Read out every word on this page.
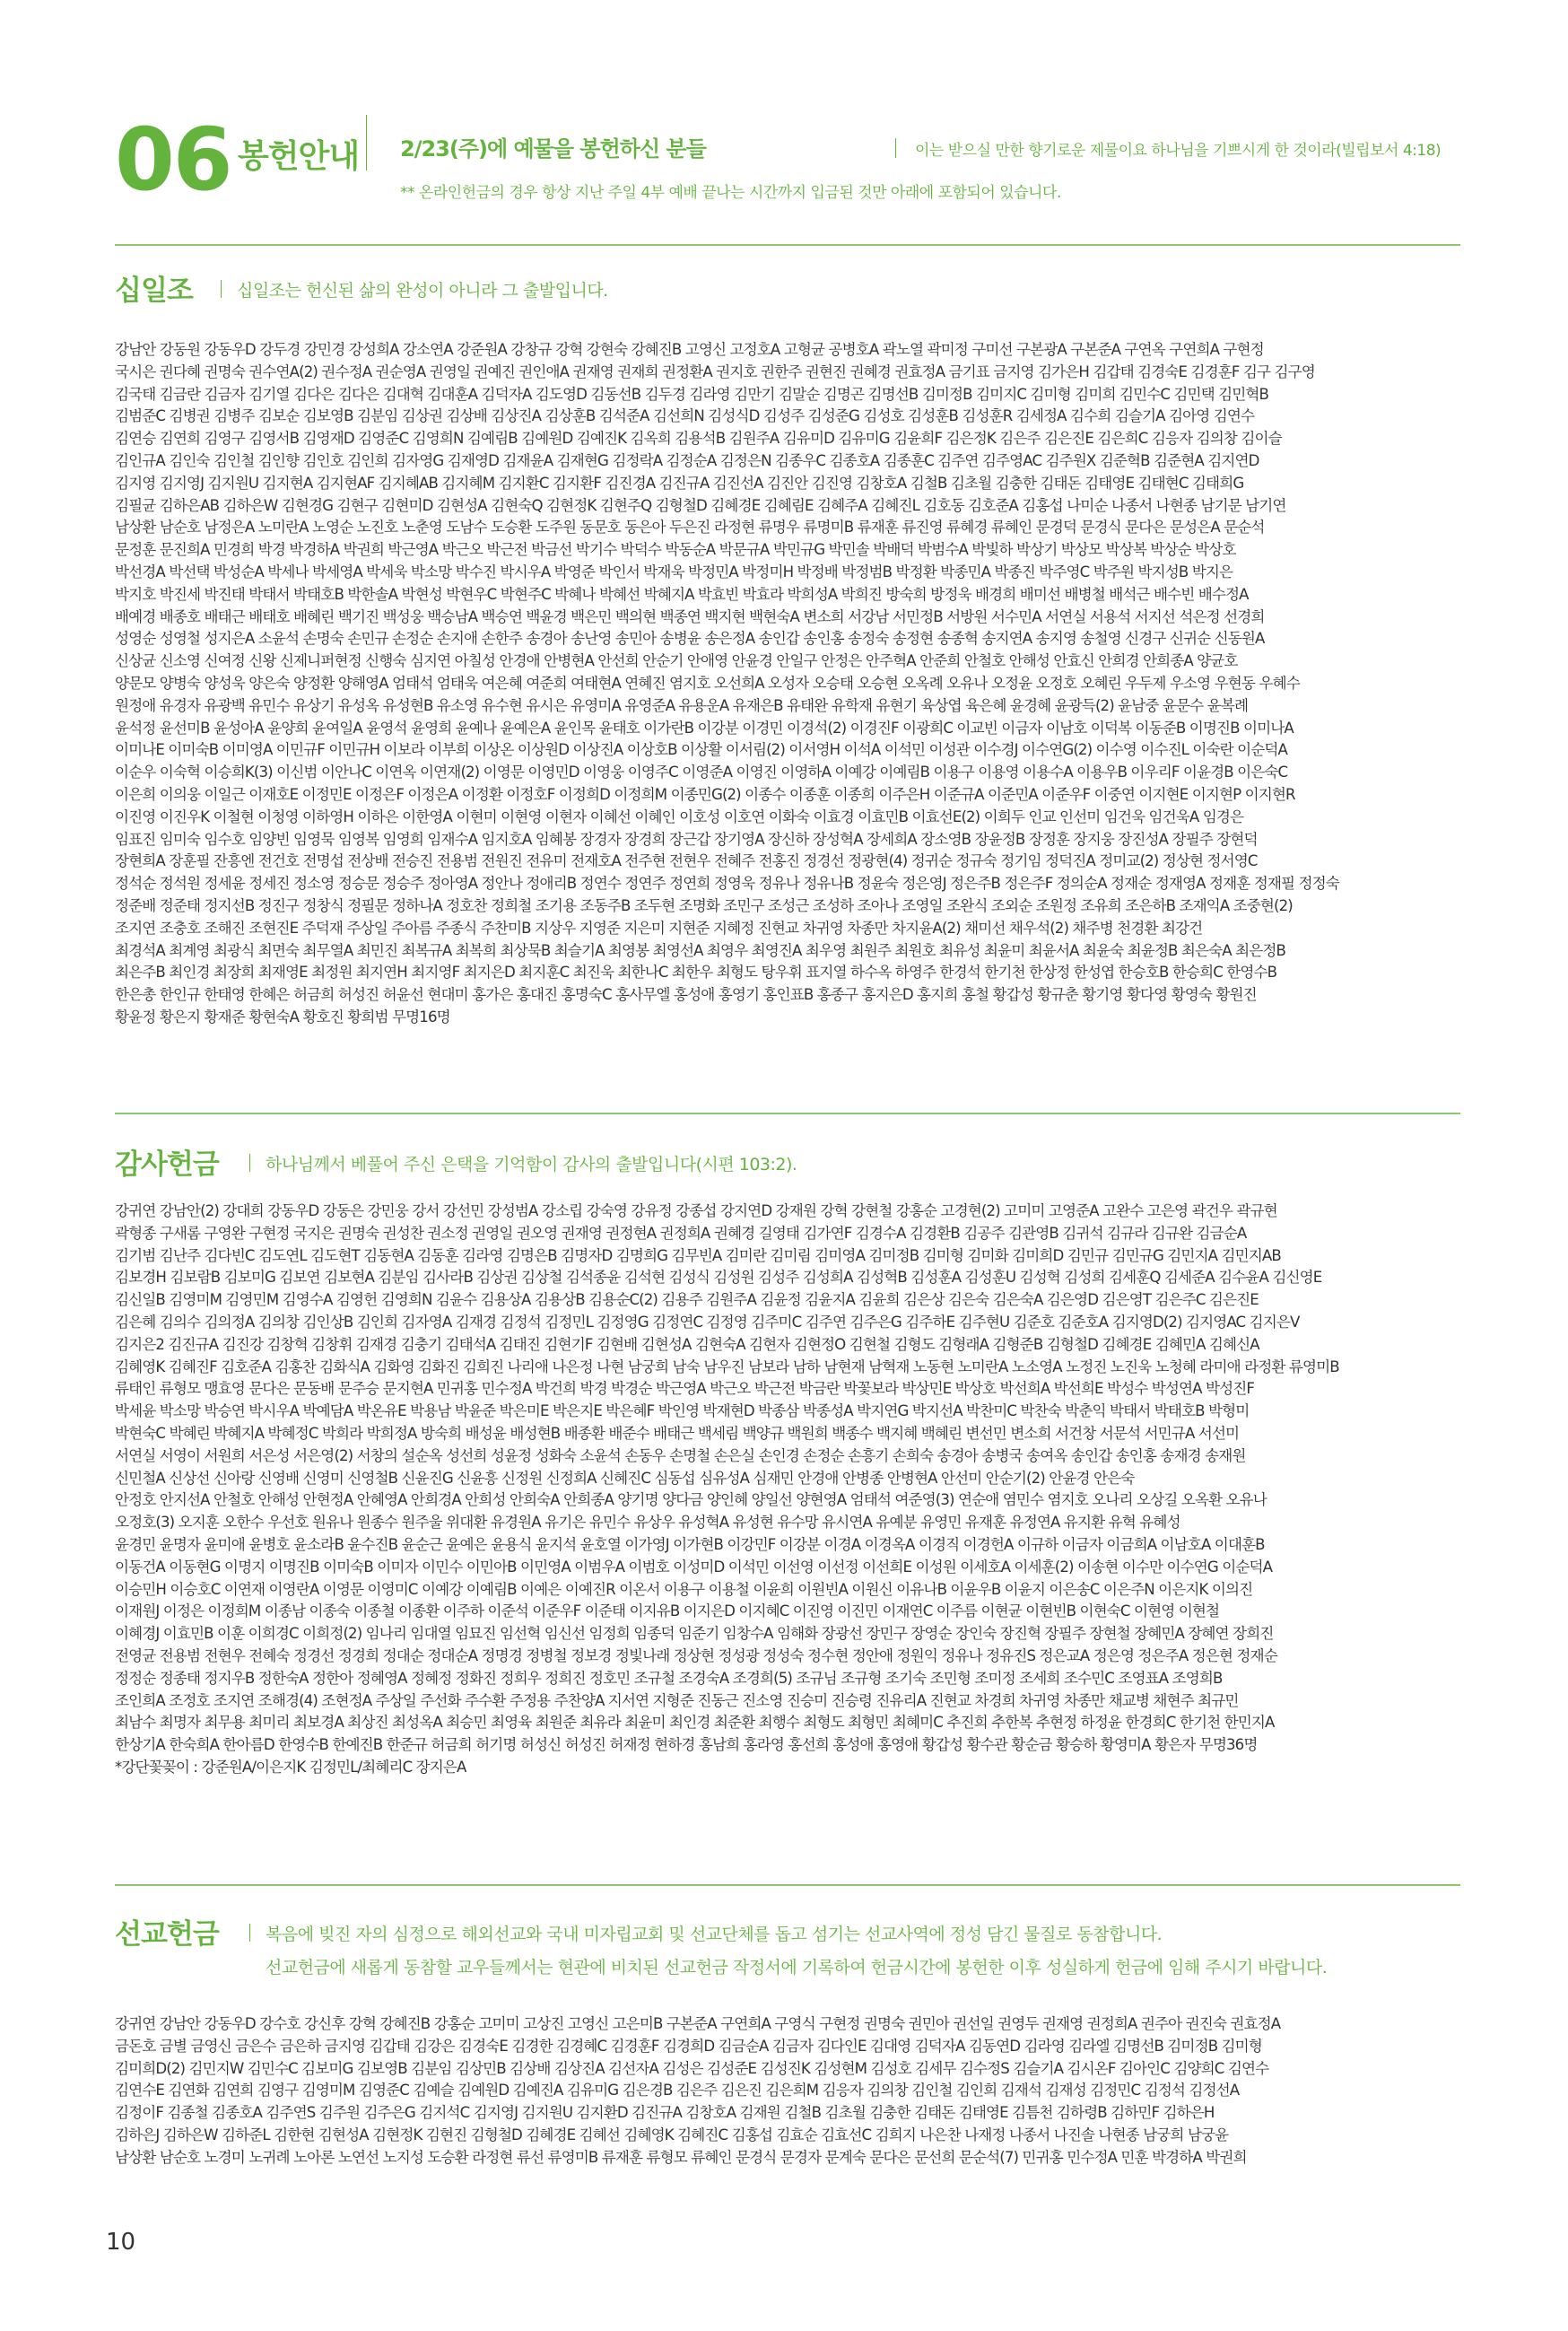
06 봉헌안내 2/23(주)에 예물을 봉헌하신 분들	이는 받으실 만한 향기로운 제물이요 하나님을 기쁘시게 한 것이라(빌립보서 4:18)
** 온라인헌금의 경우 항상 지난 주일 4부 예배 끝나는 시간까지 입금된 것만 아래에 포함되어 있습니다.
십일조	십일조는 헌신된 삶의 완성이 아니라 그 출발입니다.
강남안 강동원 강동우D 강두경 강민경 강성희A 강소연A 강준원A 강창규 강혁 강현숙 강혜진B 고영신 고정호A 고형균 공병호A 곽노열 곽미정 구미선 구본광A 구본준A 구연옥 구연희A 구현정
국시은 권다혜 권명숙 권수연A(2) 권수정A 권순영A 권영일 권예진 권인애A 권재영 권재희 권정환A 권지호 권한주 권현진 권혜경 권효정A 금기표 금지영 김가은H 김갑태 김경숙E 김경훈F 김구 김구영
김국태 김금란 김금자 김기열 김다은 김다은 김대혁 김대훈A 김덕자A 김도영D 김동선B 김두경 김라영 김만기 김말순 김명곤 김명선B 김미정B 김미지C 김미형 김미희 김민수C 김민택 김민혁B
김범준C 김병권 김병주 김보순 김보영B 김분임 김상권 김상배 김상진A 김상훈B 김석준A 김선희N 김성식D 김성주 김성준G 김성호 김성훈B 김성훈R 김세정A 김수희 김슬기A 김아영 김연수
김연승 김연희 김영구 김영서B 김영재D 김영준C 김영희N 김예림B 김예원D 김예진K 김옥희 김용석B 김원주A 김유미D 김유미G 김윤희F 김은정K 김은주 김은진E 김은희C 김응자 김의창 김이슬
김인규A 김인숙 김인철 김인향 김인호 김인희 김자영G 김재영D 김재윤A 김재현G 김정락A 김정순A 김정은N 김종우C 김종호A 김종훈C 김주연 김주영AC 김주원X 김준혁B 김준현A 김지연D
김지영 김지영J 김지원U 김지현A 김지현AF 김지혜AB 김지혜M 김지환C 김지환F 김진경A 김진규A 김진선A 김진안 김진영 김창호A 김철B 김초월 김충한 김태돈 김태영E 김태현C 김태희G
김필균 김하은AB 김하은W 김현경G 김현구 김현미D 김현성A 김현숙Q 김현정K 김현주Q 김형철D 김혜경E 김혜림E 김혜주A 김혜진L 김호동 김호준A 김홍섭 나미순 나종서 나현종 남기문 남기연
남상환 남순호 남정은A 노미란A 노영순 노진호 노춘영 도남수 도승환 도주원 동문호 동은아 두은진 라정현 류명우 류명미B 류재훈 류진영 류혜경 류혜인 문경덕 문경식 문다은 문성은A 문순석
문정훈 문진희A 민경희 박경 박경하A 박권희 박근영A 박근오 박근전 박금선 박기수 박덕수 박동순A 박문규A 박민규G 박민솔 박배덕 박범수A 박빛하 박상기 박상모 박상복 박상순 박상호
박선경A 박선택 박성순A 박세나 박세영A 박세욱 박소망 박수진 박시우A 박영준 박인서 박재욱 박정민A 박정미H 박정배 박정범B 박정환 박종민A 박종진 박주영C 박주원 박지성B 박지은
박지호 박진세 박진태 박태서 박태호B 박한솔A 박현성 박현우C 박현주C 박혜나 박혜선 박혜지A 박효빈 박효라 박희성A 박희진 방숙희 방정욱 배경희 배미선 배병철 배석근 배수빈 배수정A
배예경 배종호 배태근 배태호 배혜린 백기진 백성웅 백승남A 백승연 백윤경 백은민 백의현 백종연 백지현 백현숙A 변소희 서강남 서민정B 서방원 서수민A 서연실 서용석 서지선 석은정 선경희
성영순 성영철 성지은A 소윤석 손명숙 손민규 손정순 손지애 손한주 송경아 송난영 송민아 송병윤 송은정A 송인갑 송인홍 송정숙 송정현 송종혁 송지연A 송지영 송철영 신경구 신귀순 신동원A
신상균 신소영 신여정 신왕 신제니퍼현정 신행숙 심지연 아칠성 안경애 안병현A 안선희 안순기 안애영 안윤경 안일구 안정은 안주혁A 안준희 안철호 안해성 안효신 안희경 안희종A 양균호
양문모 양병숙 양성욱 양은숙 양정환 양해영A 엄태석 엄태욱 여은혜 여준희 여태현A 연혜진 염지호 오선희A 오성자 오승태 오승현 오옥례 오유나 오정윤 오정호 오혜린 우두제 우소영 우현동 우혜수
원정애 유경자 유광백 유민수 유상기 유성옥 유성현B 유소영 유수현 유시은 유영미A 유영준A 유용운A 유재은B 유태완 유학재 유현기 육상엽 육은혜 윤경혜 윤광득(2) 윤남중 윤문수 윤복례
윤석정 윤선미B 윤성아A 윤양희 윤여일A 윤영석 윤영희 윤예나 윤예은A 윤인목 윤태호 이가란B 이강분 이경민 이경석(2) 이경진F 이광희C 이교빈 이금자 이남호 이덕복 이동준B 이명진B 이미나A
이미나E 이미숙B 이미영A 이민규F 이민규H 이보라 이부희 이상온 이상원D 이상진A 이상호B 이상활 이서림(2) 이서영H 이석A 이석민 이성관 이수경J 이수연G(2) 이수영 이수진L 이숙란 이순덕A
이순우 이숙혁 이승희K(3) 이신범 이안나C 이연옥 이연재(2) 이영문 이영민D 이영웅 이영주C 이영준A 이영진 이영하A 이예강 이예림B 이용구 이용영 이용수A 이용우B 이우리F 이윤경B 이은숙C
이은희 이의웅 이일근 이재호E 이정민E 이정은F 이정은A 이정환 이정호F 이정희D 이정희M 이종민G(2) 이종수 이종훈 이종희 이주은H 이준규A 이준민A 이준우F 이중연 이지현E 이지현P 이지현R
이진영 이진우K 이철현 이청영 이하영H 이하은 이한영A 이현미 이현영 이현자 이혜선 이혜인 이호성 이호연 이화숙 이효경 이효민B 이효선E(2) 이희두 인교 인선미 임건욱 임건욱A 임경은
임표진 임미숙 임수호 임양빈 임영묵 임영복 임영희 임재수A 임지호A 임혜봉 장경자 장경희 장근갑 장기영A 장신하 장성혁A 장세희A 장소영B 장윤정B 장정훈 장지웅 장진성A 장필주 장현덕
장현희A 장훈필 잔흥엔 전건호 전명섭 전상배 전승진 전용범 전원진 전유미 전재호A 전주현 전현우 전혜주 전홍진 정경선 정광현(4) 정귀순 정규숙 정기임 정덕진A 정미교(2) 정상현 정서영C
정석순 정석원 정세윤 정세진 정소영 정승문 정승주 정아영A 정안나 정애리B 정연수 정연주 정연희 정영욱 정유나 정유나B 정윤숙 정은영J 정은주B 정은주F 정의순A 정재순 정재영A 정재훈 정재필 정정숙
정준배 정준태 정지선B 정진구 정창식 정필문 정하나A 정호찬 정희철 조기용 조동주B 조두현 조명화 조민구 조성근 조성하 조아나 조영일 조완식 조외순 조원정 조유희 조은하B 조재익A 조중현(2)
조지연 조충호 조해진 조현진E 주덕재 주상일 주아름 주종식 주찬미B 지상우 지영준 지은미 지현준 지혜정 진현교 차귀영 차종만 차지윤A(2) 채미선 채우석(2) 채주병 천경환 최강건
최경석A 최계영 최광식 최면숙 최무열A 최민진 최복규A 최복희 최상묵B 최슬기A 최영봉 최영선A 최영우 최영진A 최우영 최원주 최원호 최유성 최윤미 최윤서A 최윤숙 최윤정B 최은숙A 최은정B
최은주B 최인경 최장희 최재영E 최정원 최지연H 최지영F 최지은D 최지훈C 최진욱 최한나C 최한우 최형도 탕우휘 표지열 하수옥 하영주 한경석 한기천 한상정 한성엽 한승호B 한승희C 한영수B
한은총 한인규 한태영 한혜은 허금희 허성진 허윤선 현대미 홍가은 홍대진 홍명숙C 홍사무엘 홍성애 홍영기 홍인표B 홍종구 홍지은D 홍지희 홍철 황갑성 황규춘 황기영 황다영 황영숙 황원진
황윤정 황은지 황재준 황현숙A 황호진 황희범 무명16명
감사헌금	하나님께서 베풀어 주신 은택을 기억함이 감사의 출발입니다(시편 103:2).
강귀연 강남안(2) 강대희 강동우D 강동은 강민웅 강서 강선민 강성범A 강소립 강숙영 강유정 강종섭 강지연D 강재원 강혁 강현철 강홍순 고경현(2) 고미미 고영준A 고완수 고은영 곽건우 곽규현
곽형종 구새롬 구영완 구현정 국지은 권명숙 권성찬 권소정 권영일 권오영 권재영 권정현A 권정희A 권혜경 길영태 김가연F 김경수A 김경환B 김공주 김관영B 김귀석 김규라 김규완 김금순A
김기범 김난주 김다빈C 김도연L 김도현T 김동현A 김동훈 김라영 김명은B 김명자D 김명희G 김무빈A 김미란 김미림 김미영A 김미정B 김미형 김미화 김미희D 김민규 김민규G 김민지A 김민지AB
김보경H 김보람B 김보미G 김보연 김보현A 김분임 김사라B 김상권 김상철 김석종윤 김석현 김성식 김성원 김성주 김성희A 김성혁B 김성훈A 김성훈U 김성혁 김성희 김세훈Q 김세준A 김수윤A 김신영E
김신일B 김영미M 김영민M 김영수A 김영헌 김영희N 김윤수 김용상A 김용상B 김용순C(2) 김용주 김원주A 김윤정 김윤지A 김윤희 김은상 김은숙 김은숙A 김은영D 김은영T 김은주C 김은진E
김은혜 김의수 김의정A 김의창 김인상B 김인희 김자영A 김재경 김정석 김정민L 김정영G 김정연C 김정영 김주미C 김주연 김주은G 김주하E 김주현U 김준호 김준호A 김지영D(2) 김지영AC 김지은V
김지은2 김진규A 김진강 김창혁 김창휘 김재경 김충기 김태석A 김태진 김현기F 김현배 김현성A 김현숙A 김현자 김현정O 김현철 김형도 김형래A 김형준B 김형철D 김혜경E 김혜민A 김혜신A
김혜영K 김혜진F 김호준A 김홍찬 김화식A 김화영 김화진 김희진 나리애 나은정 나현 남궁희 남숙 남우진 남보라 남하 남현재 남혁재 노동현 노미란A 노소영A 노정진 노진욱 노청혜 라미애 라정환 류영미B
류태인 류형모 맹효영 문다은 문동배 문주승 문지현A 민귀홍 민수정A 박건희 박경 박경순 박근영A 박근오 박근전 박금란 박꽃보라 박상민E 박상호 박선희A 박선희E 박성수 박성연A 박성진F
박세윤 박소망 박승연 박시우A 박예담A 박온유E 박용남 박윤준 박은미E 박은지E 박은혜F 박인영 박재현D 박종삼 박종성A 박지연G 박지선A 박찬미C 박찬숙 박춘익 박태서 박태호B 박형미
박현숙C 박혜린 박혜지A 박혜정C 박희라 박희정A 방숙희 배성윤 배성현B 배종환 배준수 배태근 백세림 백양규 백원희 백종수 백지혜 백혜린 변선민 변소희 서건창 서문석 서민규A 서선미
서연실 서영이 서원희 서은성 서은영(2) 서창의 설순옥 성선희 성윤정 성화숙 소윤석 손동우 손명철 손은실 손인경 손정순 손흥기 손희숙 송경아 송병국 송여옥 송인갑 송인홍 송재경 송재원
신민철A 신상선 신아랑 신영배 신영미 신영철B 신윤진G 신윤흥 신정원 신정희A 신혜진C 심동섭 심유성A 심재민 안경애 안병종 안병현A 안선미 안순기(2) 안윤경 안은숙
안정호 안지선A 안철호 안해성 안현정A 안혜영A 안희경A 안희성 안희숙A 안희종A 양기명 양다금 양인혜 양일선 양현영A 엄태석 여준영(3) 연순애 염민수 염지호 오나리 오상길 오옥환 오유나
오정호(3) 오지훈 오한수 우선호 원유나 원종수 원주울 위대환 유경원A 유기은 유민수 유상우 유성혁A 유성현 유수망 유시연A 유예분 유영민 유재훈 유정연A 유지환 유혁 유혜성
윤경민 윤명자 윤미애 윤병호 윤소라B 윤수진B 윤순근 윤예은 윤용식 윤지석 윤호열 이가영J 이가현B 이강민F 이강분 이경A 이경옥A 이경직 이경헌A 이규하 이금자 이금희A 이남호A 이대훈B
이동건A 이동현G 이명지 이명진B 이미숙B 이미자 이민수 이민아B 이민영A 이범우A 이범호 이성미D 이석민 이선영 이선정 이선희E 이성원 이세호A 이세훈(2) 이송현 이수만 이수연G 이순덕A
이승민H 이승호C 이연재 이영란A 이영문 이영미C 이예강 이예림B 이예은 이예진R 이온서 이용구 이용철 이윤희 이원빈A 이원신 이유나B 이윤우B 이윤지 이은송C 이은주N 이은지K 이의진
이재원J 이정은 이정희M 이종남 이종숙 이종철 이종환 이주하 이준석 이준우F 이준태 이지유B 이지은D 이지혜C 이진영 이진민 이재연C 이주름 이현균 이현빈B 이현숙C 이현영 이현철
이혜경J 이효민B 이훈 이희경C 이희정(2) 임나리 임대열 임묘진 임선혁 임신선 임정희 임종덕 임준기 임창수A 임해화 장광선 장민구 장영순 장인숙 장진혁 장필주 장현철 장혜민A 장혜연 장희진
전영균 전용범 전현우 전혜숙 정경선 정경희 정대순 정대순A 정명경 정병철 정보경 정빛나래 정상현 정성광 정성숙 정수현 정안애 정원익 정유나 정유진S 정은교A 정은영 정은주A 정은현 정재순
정정순 정종태 정지우B 정한숙A 정한아 정혜영A 정혜정 정화진 정희우 정희진 정호민 조규철 조경숙A 조경희(5) 조규님 조규형 조기숙 조민형 조미정 조세희 조수민C 조영표A 조영희B
조인희A 조정호 조지연 조해경(4) 조현정A 주상일 주선화 주수환 주정용 주찬양A 지서연 지형준 진동근 진소영 진승미 진승령 진유리A 진현교 차경희 차귀영 차종만 채교병 채현주 최규민
최남수 최명자 최무용 최미리 최보경A 최상진 최성옥A 최승민 최영육 최원준 최유라 최윤미 최인경 최준환 최행수 최형도 최형민 최혜미C 추진희 추한복 추현정 하정윤 한경희C 한기천 한민지A
한상기A 한숙희A 한아름D 한영수B 한예진B 한준규 허금희 허기명 허성신 허성진 허재정 현하경 홍남희 홍라영 홍선희 홍성애 홍영애 황갑성 황수관 황순금 황승하 황영미A 황은자 무명36명
*강단꽃꽂이 : 강준원A/이은지K 김정민L/최혜리C 장지은A
선교헌금	복음에 빚진 자의 심정으로 해외선교와 국내 미자립교회 및 선교단체를 돕고 섬기는 선교사역에 정성 담긴 물질로 동참합니다.
선교헌금에 새롭게 동참할 교우들께서는 현관에 비치된 선교헌금 작정서에 기록하여 헌금시간에 봉헌한 이후 성실하게 헌금에 임해 주시기 바랍니다.
강귀연 강남안 강동우D 강수호 강신후 강혁 강혜진B 강홍순 고미미 고상진 고영신 고은미B 구본준A 구연희A 구영식 구현정 권명숙 권민아 권선일 권영두 권재영 권정희A 권주아 권진숙 권효정A
금돈호 금별 금영신 금은수 금은하 금지영 김갑태 김강은 김경숙E 김경한 김경혜C 김경훈F 김경희D 김금순A 김금자 김다인E 김대영 김덕자A 김동연D 김라영 김라엘 김명선B 김미정B 김미형
김미희D(2) 김민지W 김민수C 김보미G 김보영B 김분임 김상민B 김상배 김상진A 김선자A 김성은 김성준E 김성진K 김성현M 김성호 김세무 김수정S 김슬기A 김시온F 김아인C 김양희C 김연수
김연수E 김연화 김연희 김영구 김영미M 김영준C 김예슬 김예원D 김예진A 김유미G 김은경B 김은주 김은진 김은희M 김응자 김의창 김인철 김인희 김재석 김재성 김정민C 김정석 김정선A
김정이F 김종철 김종호A 김주연S 김주원 김주은G 김지석C 김지영J 김지원U 김지환D 김진규A 김창호A 김재원 김철B 김초월 김충한 김태돈 김태영E 김틈천 김하령B 김하민F 김하은H
김하은J 김하은W 김하준L 김한현 김현성A 김현정K 김현진 김형철D 김혜경E 김혜선 김혜영K 김혜진C 김홍섭 김효순 김효선C 김희지 나은찬 나재정 나종서 나진솔 나현종 남궁희 남궁윤
남상환 남순호 노경미 노귀례 노아론 노연선 노지성 도승환 라정현 류선 류영미B 류재훈 류형모 류혜인 문경식 문경자 문계숙 문다은 문선희 문순석(7) 민귀홍 민수정A 민훈 박경하A 박권희
10
